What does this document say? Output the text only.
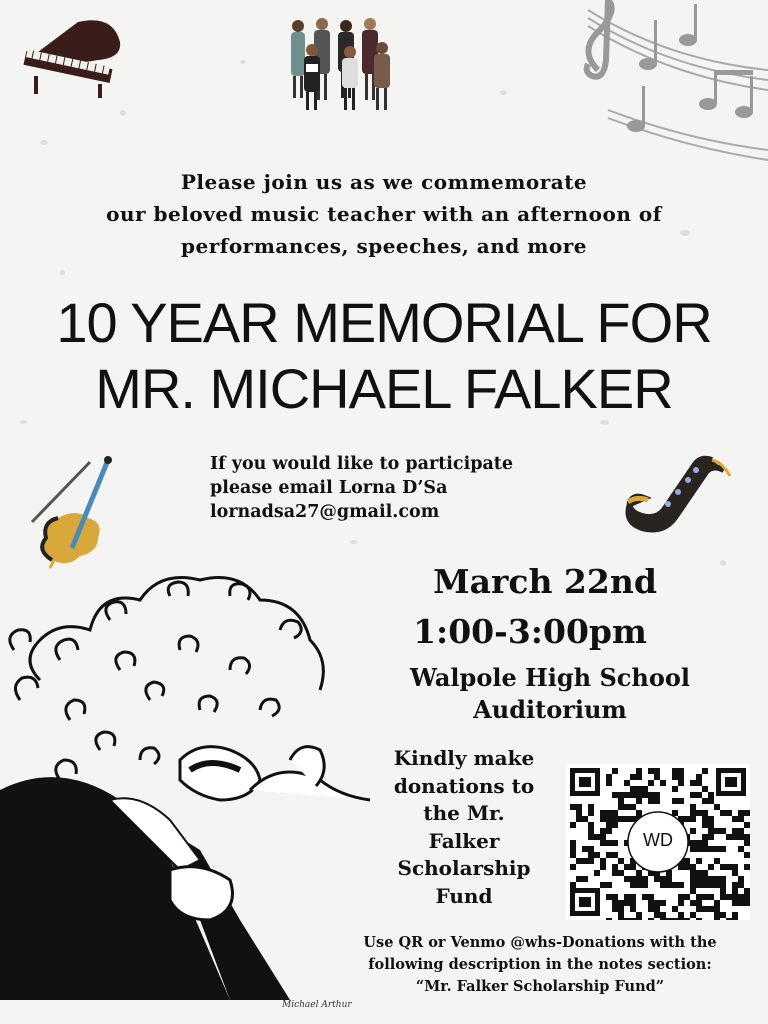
Please join us as we commemorate
our beloved music teacher with an afternoon of
performances, speeches, and more
10 YEAR MEMORIAL FOR
MR. MICHAEL FALKER
If you would like to participate
please email Lorna D’Sa
lornadsa27@gmail.com
March 22nd
1:00-3:00pm
Walpole High School
Auditorium
Kindly make
donations to
the Mr.
Falker
Scholarship
Fund
WD
Use QR or Venmo @whs-Donations with the
following description in the notes section:
“Mr. Falker Scholarship Fund”
Michael Arthur
